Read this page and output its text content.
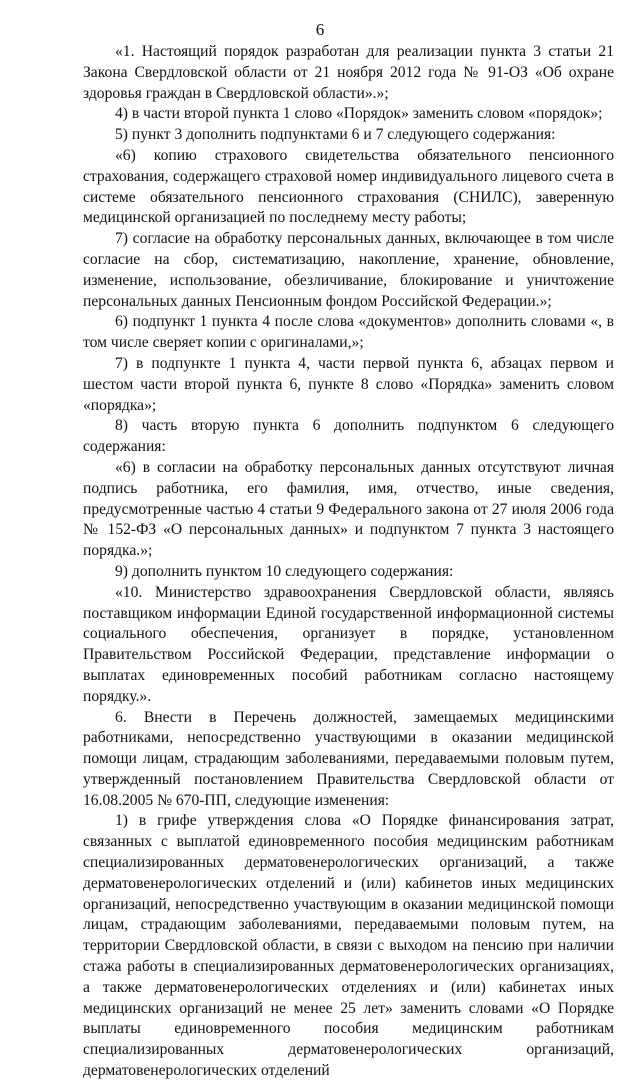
6

«1. Настоящий порядок разработан для реализации пункта 3 статьи 21 Закона Свердловской области от 21 ноября 2012 года № 91-ОЗ «Об охране здоровья граждан в Свердловской области».»;

4) в части второй пункта 1 слово «Порядок» заменить словом «порядок»;

5) пункт 3 дополнить подпунктами 6 и 7 следующего содержания:

«6) копию страхового свидетельства обязательного пенсионного страхования, содержащего страховой номер индивидуального лицевого счета в системе обязательного пенсионного страхования (СНИЛС), заверенную медицинской организацией по последнему месту работы;

7) согласие на обработку персональных данных, включающее в том числе согласие на сбор, систематизацию, накопление, хранение, обновление, изменение, использование, обезличивание, блокирование и уничтожение персональных данных Пенсионным фондом Российской Федерации.»;

6) подпункт 1 пункта 4 после слова «документов» дополнить словами «, в том числе сверяет копии с оригиналами,»;

7) в подпункте 1 пункта 4, части первой пункта 6, абзацах первом и шестом части второй пункта 6, пункте 8 слово «Порядка» заменить словом «порядка»;

8) часть вторую пункта 6 дополнить подпунктом 6 следующего содержания:

«6) в согласии на обработку персональных данных отсутствуют личная подпись работника, его фамилия, имя, отчество, иные сведения, предусмотренные частью 4 статьи 9 Федерального закона от 27 июля 2006 года № 152-ФЗ «О персональных данных» и подпунктом 7 пункта 3 настоящего порядка.»;

9) дополнить пунктом 10 следующего содержания:

«10. Министерство здравоохранения Свердловской области, являясь поставщиком информации Единой государственной информационной системы социального обеспечения, организует в порядке, установленном Правительством Российской Федерации, представление информации о выплатах единовременных пособий работникам согласно настоящему порядку.».

6. Внести в Перечень должностей, замещаемых медицинскими работниками, непосредственно участвующими в оказании медицинской помощи лицам, страдающим заболеваниями, передаваемыми половым путем, утвержденный постановлением Правительства Свердловской области от 16.08.2005 № 670-ПП, следующие изменения:

1) в грифе утверждения слова «О Порядке финансирования затрат, связанных с выплатой единовременного пособия медицинским работникам специализированных дерматовенерологических организаций, а также дерматовенерологических отделений и (или) кабинетов иных медицинских организаций, непосредственно участвующим в оказании медицинской помощи лицам, страдающим заболеваниями, передаваемыми половым путем, на территории Свердловской области, в связи с выходом на пенсию при наличии стажа работы в специализированных дерматовенерологических организациях, а также дерматовенерологических отделениях и (или) кабинетах иных медицинских организаций не менее 25 лет» заменить словами «О Порядке выплаты единовременного пособия медицинским работникам специализированных дерматовенерологических организаций, дерматовенерологических отделений
